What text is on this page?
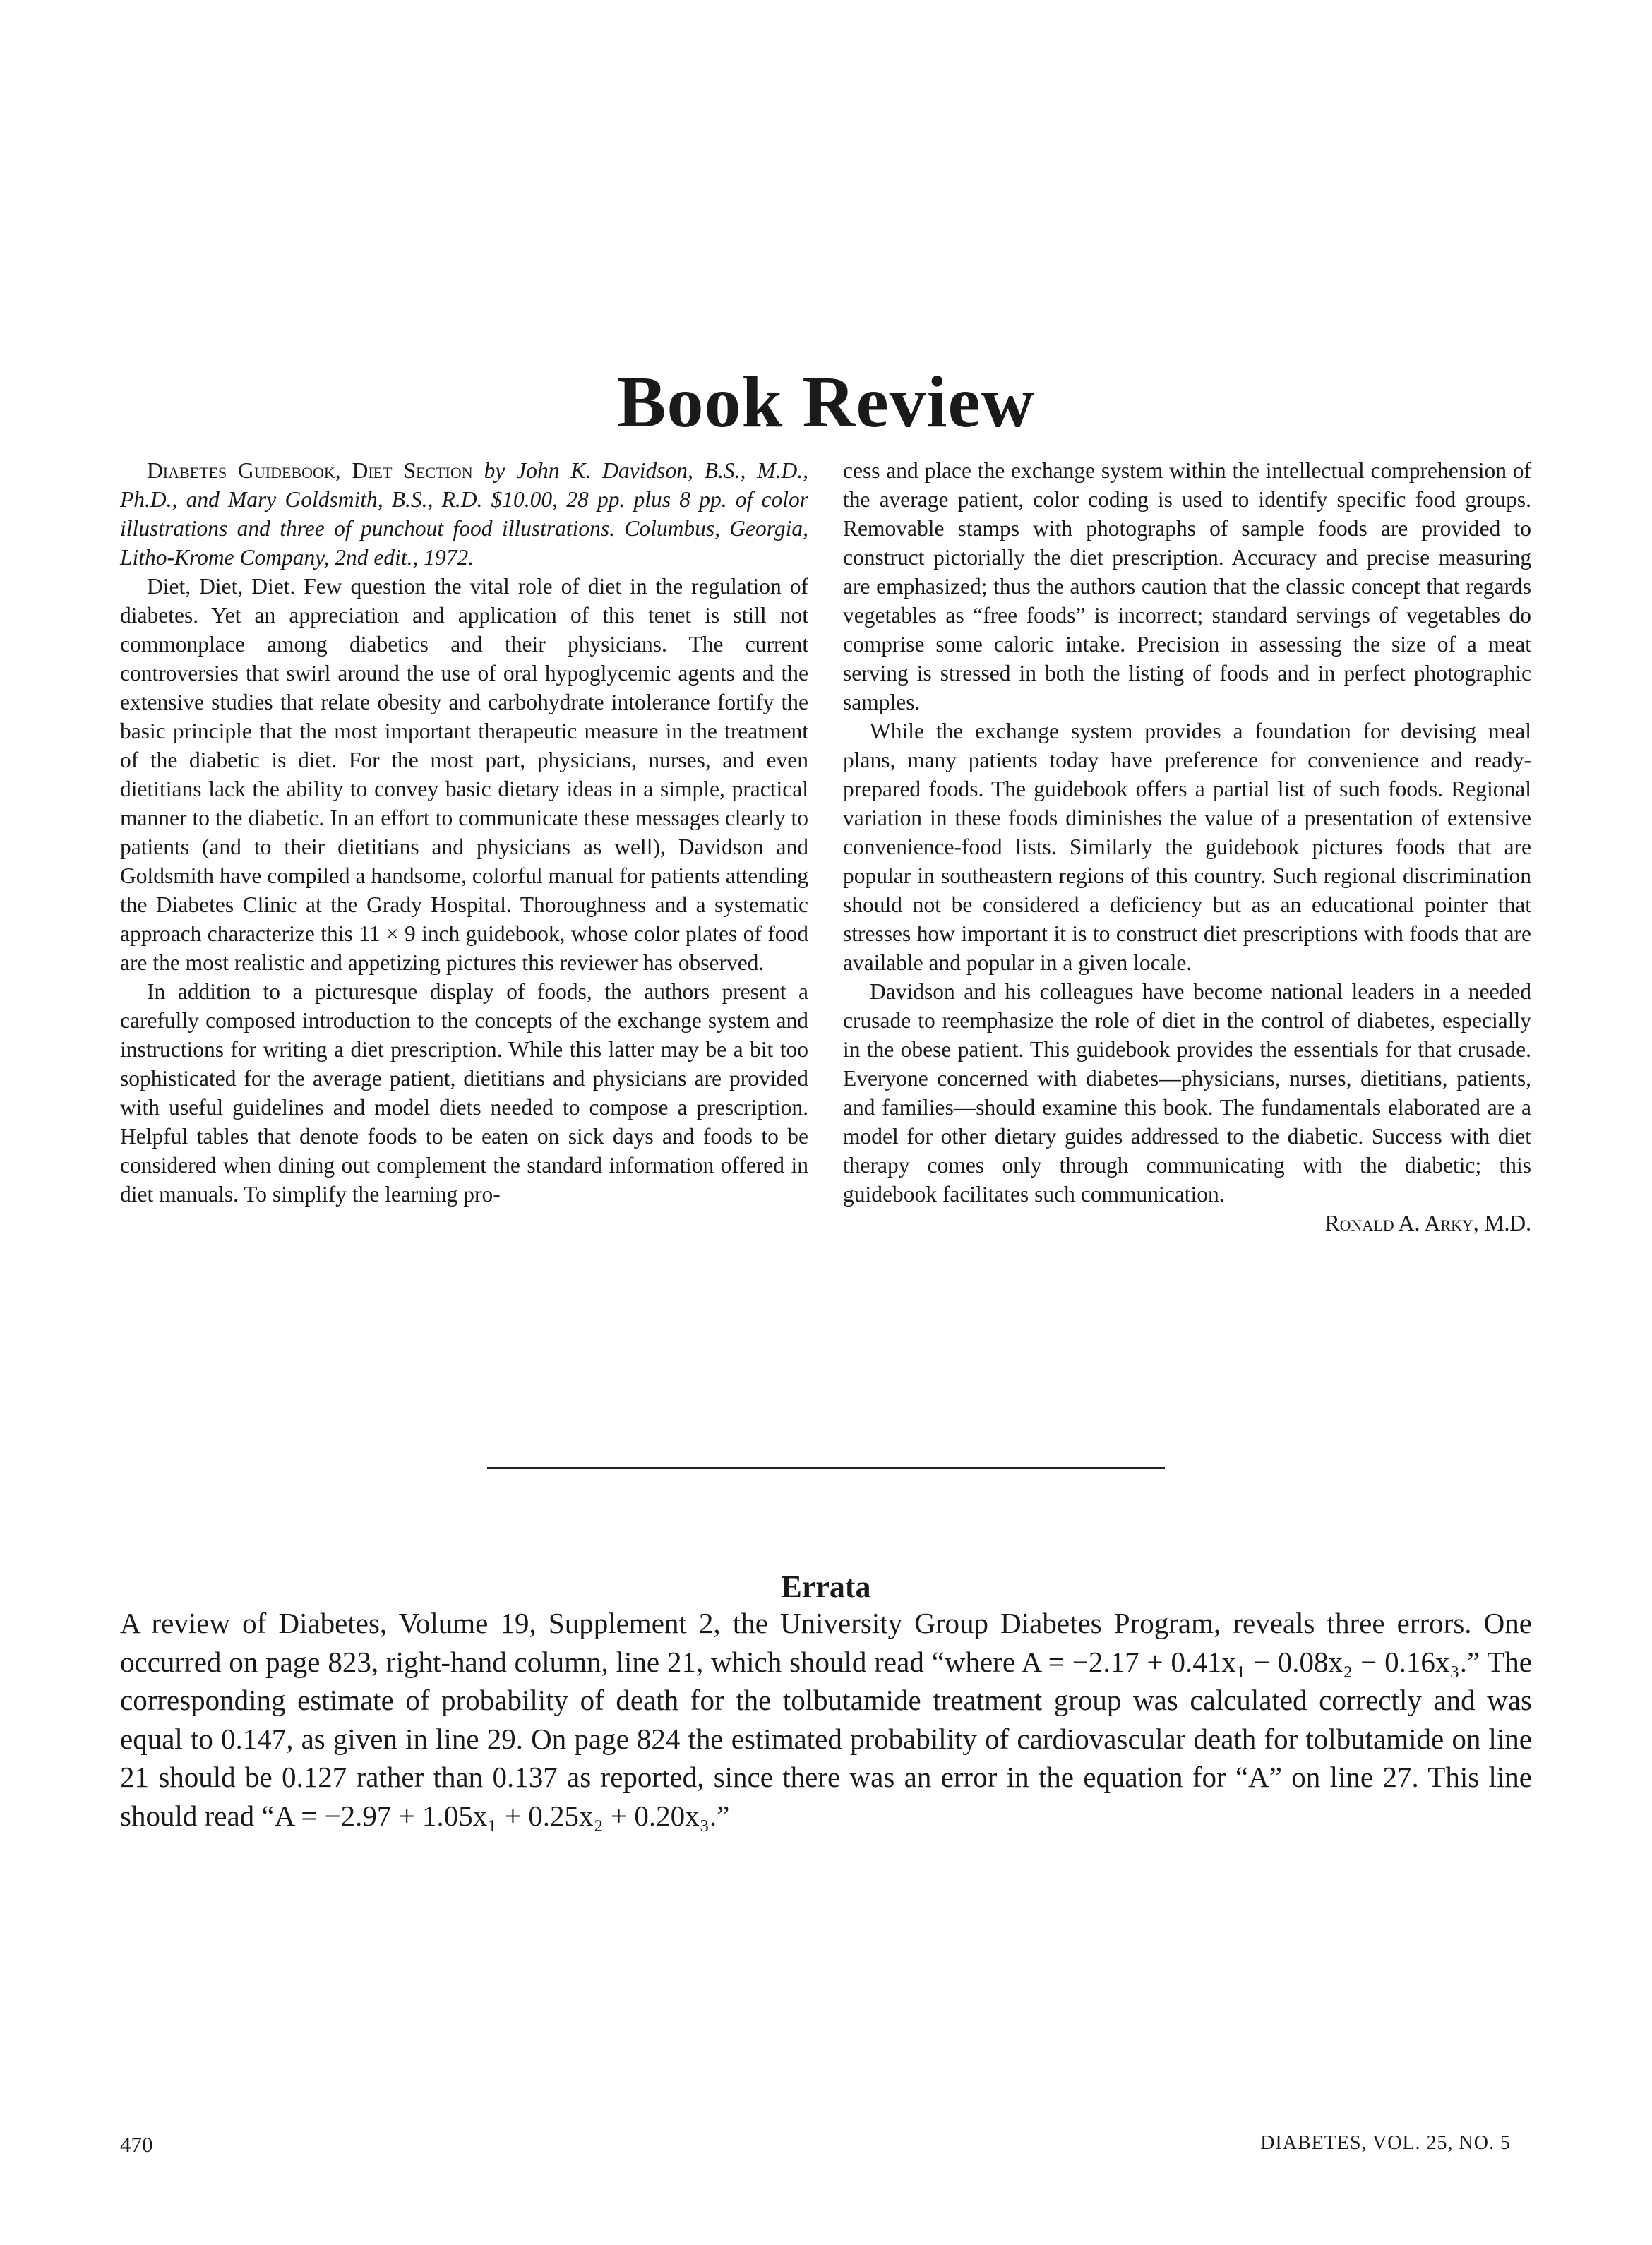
Book Review

Diabetes Guidebook, Diet Section by John K. Davidson, B.S., M.D., Ph.D., and Mary Goldsmith, B.S., R.D. $10.00, 28 pp. plus 8 pp. of color illustrations and three of punchout food illustrations. Columbus, Georgia, Litho-Krome Company, 2nd edit., 1972.

Diet, Diet, Diet. Few question the vital role of diet in the regulation of diabetes. Yet an appreciation and application of this tenet is still not commonplace among diabetics and their physicians. The current controversies that swirl around the use of oral hypoglycemic agents and the extensive studies that relate obesity and carbohydrate intolerance fortify the basic principle that the most important therapeutic measure in the treatment of the diabetic is diet. For the most part, physicians, nurses, and even dietitians lack the ability to convey basic dietary ideas in a simple, practical manner to the diabetic. In an effort to communicate these messages clearly to patients (and to their dietitians and physicians as well), Davidson and Goldsmith have compiled a handsome, colorful manual for patients attending the Diabetes Clinic at the Grady Hospital. Thoroughness and a systematic approach characterize this 11 × 9 inch guidebook, whose color plates of food are the most realistic and appetizing pictures this reviewer has observed.

In addition to a picturesque display of foods, the authors present a carefully composed introduction to the concepts of the exchange system and instructions for writing a diet prescription. While this latter may be a bit too sophisticated for the average patient, dietitians and physicians are provided with useful guidelines and model diets needed to compose a prescription. Helpful tables that denote foods to be eaten on sick days and foods to be considered when dining out complement the standard information offered in diet manuals. To simplify the learning pro-

cess and place the exchange system within the intellectual comprehension of the average patient, color coding is used to identify specific food groups. Removable stamps with photographs of sample foods are provided to construct pictorially the diet prescription. Accuracy and precise measuring are emphasized; thus the authors caution that the classic concept that regards vegetables as “free foods” is incorrect; standard servings of vegetables do comprise some caloric intake. Precision in assessing the size of a meat serving is stressed in both the listing of foods and in perfect photographic samples.

While the exchange system provides a foundation for devising meal plans, many patients today have preference for convenience and ready-prepared foods. The guidebook offers a partial list of such foods. Regional variation in these foods diminishes the value of a presentation of extensive convenience-food lists. Similarly the guidebook pictures foods that are popular in southeastern regions of this country. Such regional discrimination should not be considered a deficiency but as an educational pointer that stresses how important it is to construct diet prescriptions with foods that are available and popular in a given locale.

Davidson and his colleagues have become national leaders in a needed crusade to reemphasize the role of diet in the control of diabetes, especially in the obese patient. This guidebook provides the essentials for that crusade. Everyone concerned with diabetes—physicians, nurses, dietitians, patients, and families—should examine this book. The fundamentals elaborated are a model for other dietary guides addressed to the diabetic. Success with diet therapy comes only through communicating with the diabetic; this guidebook facilitates such communication.

Ronald A. Arky, M.D.

Errata

A review of Diabetes, Volume 19, Supplement 2, the University Group Diabetes Program, reveals three errors. One occurred on page 823, right-hand column, line 21, which should read “where A = −2.17 + 0.41x₁ − 0.08x₂ − 0.16x₃.” The corresponding estimate of probability of death for the tolbutamide treatment group was calculated correctly and was equal to 0.147, as given in line 29. On page 824 the estimated probability of cardiovascular death for tolbutamide on line 21 should be 0.127 rather than 0.137 as reported, since there was an error in the equation for “A” on line 27. This line should read “A = −2.97 + 1.05x₁ + 0.25x₂ + 0.20x₃.”

470	DIABETES, VOL. 25, NO. 5
